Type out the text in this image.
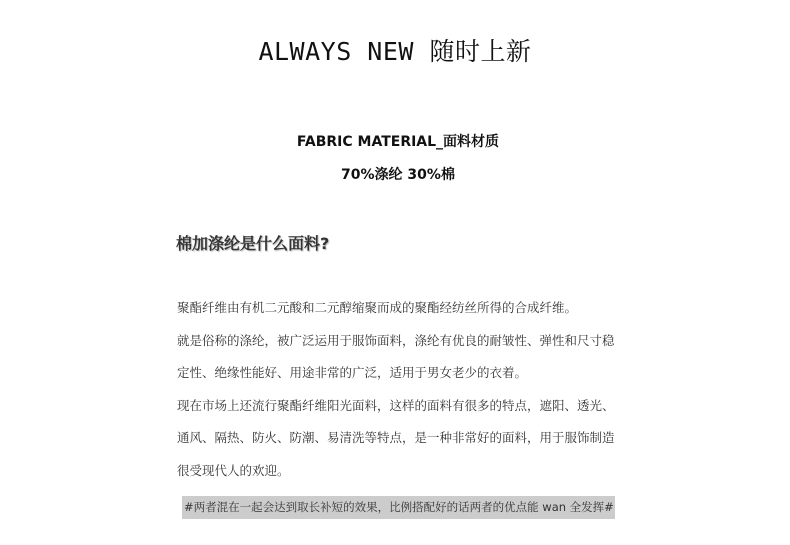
ALWAYS NEW 随时上新
FABRIC MATERIAL_面料材质
70%涤纶 30%棉
棉加涤纶是什么面料?
聚酯纤维由有机二元酸和二元醇缩聚而成的聚酯经纺丝所得的合成纤维。
就是俗称的涤纶，被广泛运用于服饰面料，涤纶有优良的耐皱性、弹性和尺寸稳
定性、绝缘性能好、用途非常的广泛，适用于男女老少的衣着。
现在市场上还流行聚酯纤维阳光面料，这样的面料有很多的特点，遮阳、透光、
通风、隔热、防火、防潮、易清洗等特点，是一种非常好的面料，用于服饰制造
很受现代人的欢迎。
#两者混在一起会达到取长补短的效果，比例搭配好的话两者的优点能 wan 全发挥#
